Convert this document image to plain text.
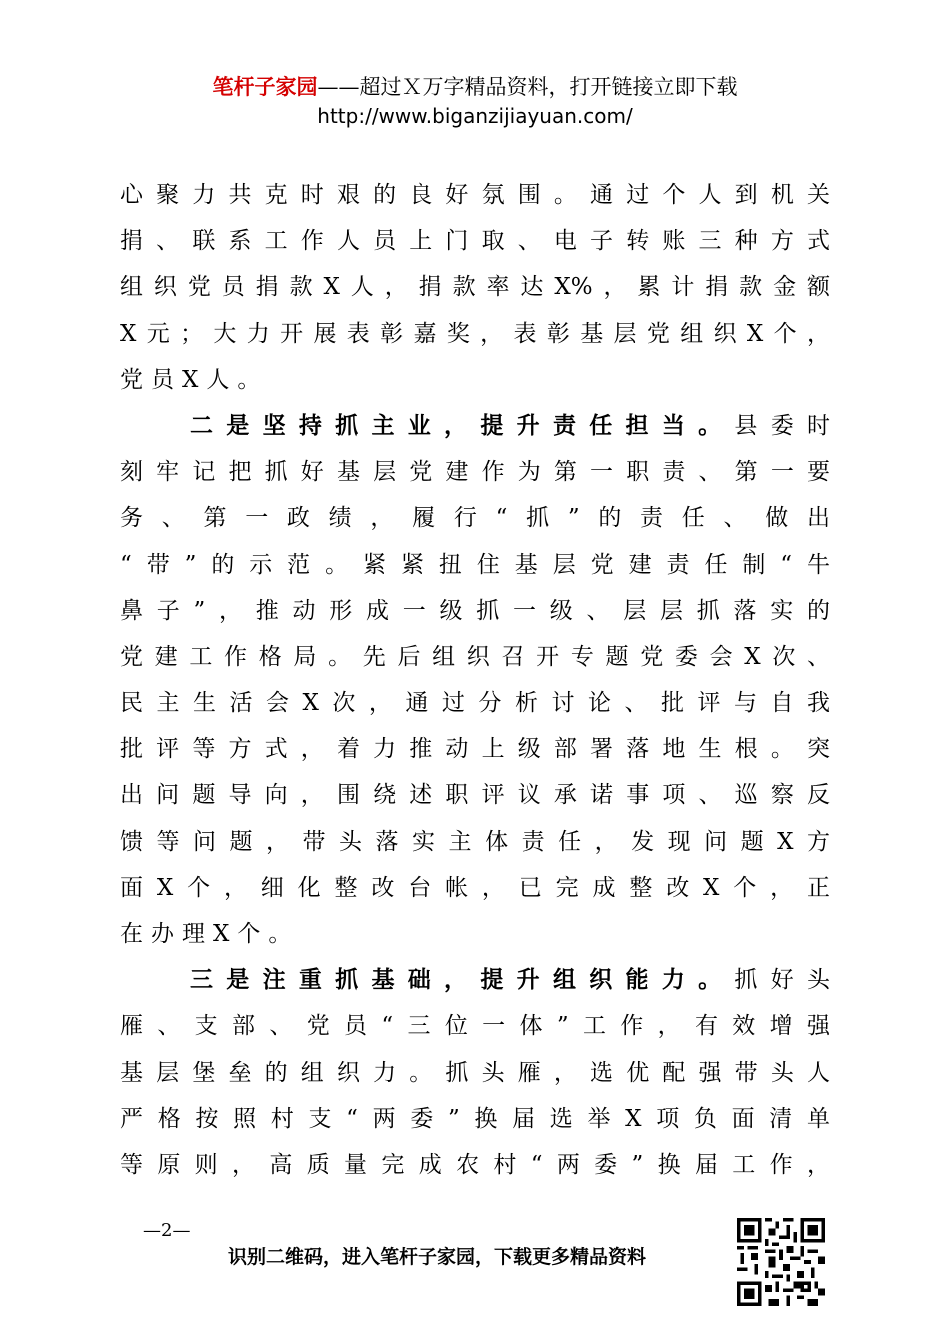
笔杆子家园——超过Ｘ万字精品资料，打开链接立即下载
http://www.biganzijiayuan.com/
心聚力共克时艰的良好氛围。通过个人到机关
捐、联系工作人员上门取、电子转账三种方式
组织党员捐款X人，捐款率达X%，累计捐款金额
X元；大力开展表彰嘉奖，表彰基层党组织X个，
党员X人。
二是坚持抓主业，提升责任担当。县委时
刻牢记把抓好基层党建作为第一职责、第一要
务、第一政绩，履行“抓”的责任、做出
“带”的示范。紧紧扭住基层党建责任制“牛
鼻子”，推动形成一级抓一级、层层抓落实的
党建工作格局。先后组织召开专题党委会X次、
民主生活会X次，通过分析讨论、批评与自我
批评等方式，着力推动上级部署落地生根。突
出问题导向，围绕述职评议承诺事项、巡察反
馈等问题，带头落实主体责任，发现问题X方
面X个，细化整改台帐，已完成整改X个，正
在办理X个。
三是注重抓基础，提升组织能力。抓好头
雁、支部、党员“三位一体”工作，有效增强
基层堡垒的组织力。抓头雁，选优配强带头人
严格按照村支“两委”换届选举X项负面清单
等原则，高质量完成农村“两委”换届工作，
—2—
识别二维码，进入笔杆子家园，下载更多精品资料
